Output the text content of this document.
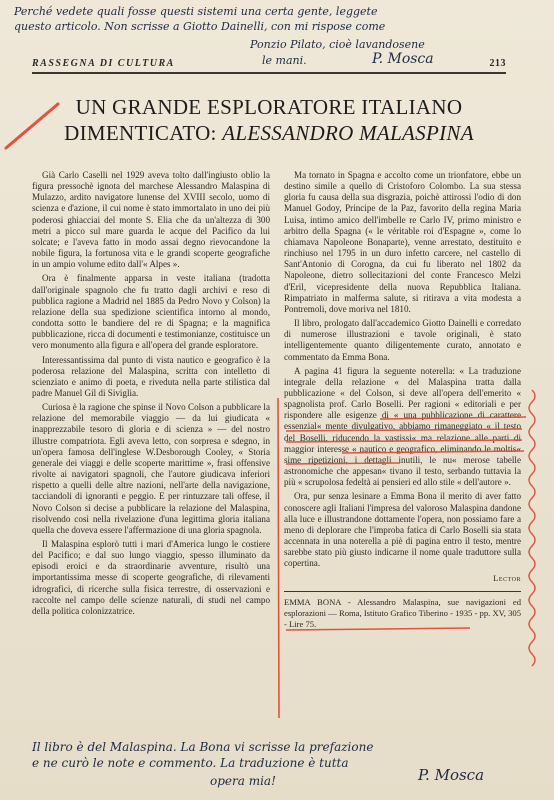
Perché vedete quali fosse questi sistemi una certa gente, leggete
questo articolo. Non scrisse a Giotto Dainelli, con mi rispose come
Ponzio Pilato, cioè lavandosene
le mani.	P. Mosca
RASSEGNA DI CULTURA	213
UN GRANDE ESPLORATORE ITALIANO
DIMENTICATO: ALESSANDRO MALASPINA

Già Carlo Caselli nel 1929 aveva tolto dall'ingiusto oblio la figura pressochè ignota del marchese Alessandro Malaspina di Mulazzo, ardito navigatore lunense del XVIII secolo, uomo di scienza e d'azione, il cui nome è stato immortalato in uno dei più poderosi ghiacciai del monte S. Elia che da un'altezza di 300 metri a picco sul mare guarda le acque del Pacifico da lui solcate; e l'aveva fatto in modo assai degno rievocandone la nobile figura, la fortunosa vita e le grandi scoperte geografiche in un ampio volume edito dall'« Alpes ».

Ora è finalmente apparsa in veste italiana (tradotta dall'originale spagnolo che fu tratto dagli archivi e reso di pubblica ragione a Madrid nel 1885 da Pedro Novo y Colson) la relazione della sua spedizione scientifica intorno al mondo, condotta sotto le bandiere del re di Spagna; e la magnifica pubblicazione, ricca di documenti e testimonianze, costituisce un vero monumento alla figura e all'opera del grande esploratore.

Interessantissima dal punto di vista nautico e geografico è la poderosa relazione del Malaspina, scritta con intelletto di scienziato e animo di poeta, e riveduta nella parte stilistica dal padre Manuel Gil di Siviglia.

Curiosa è la ragione che spinse il Novo Colson a pubblicare la relazione del memorabile viaggio — da lui giudicata « inapprezzabile tesoro di gloria e di scienza » — del nostro illustre compatriota. Egli aveva letto, con sorpresa e sdegno, in un'opera famosa dell'inglese W.Desborough Cooley, « Storia generale dei viaggi e delle scoperte marittime », frasi offensive rivolte ai navigatori spagnoli, che l'autore giudicava inferiori rispetto a quelli delle altre nazioni, nell'arte della navigazione, tacciandoli di ignoranti e peggio. E per rintuzzare tali offese, il Novo Colson si decise a pubblicare la relazione del Malaspina, risolvendo così nella rivelazione d'una legittima gloria italiana quella che doveva essere l'affermazione di una gloria spagnola.

Il Malaspina esplorò tutti i mari d'America lungo le costiere del Pacifico; e dal suo lungo viaggio, spesso illuminato da episodi eroici e da straordinarie avventure, risultò una importantissima messe di scoperte geografiche, di rilevamenti idrografici, di ricerche sulla fisica terrestre, di osservazioni e raccolte nel campo delle scienze naturali, di studi nel campo della politica colonizzatrice.

Ma tornato in Spagna e accolto come un trionfatore, ebbe un destino simile a quello di Cristoforo Colombo. La sua stessa gloria fu causa della sua disgrazia, poichè attirossi l'odio di don Manuel Godoy, Principe de la Paz, favorito della regina Maria Luisa, intimo amico dell'imbelle re Carlo IV, primo ministro e arbitro della Spagna (« le véritable roi d'Espagne », come lo chiamava Napoleone Bonaparte), venne arrestato, destituito e rinchiuso nel 1795 in un duro infetto carcere, nel castello di Sant'Antonio di Corogna, da cui fu liberato nel 1802 da Napoleone, dietro sollecitazioni del conte Francesco Melzi d'Eril, vicepresidente della nuova Repubblica Italiana. Rimpatriato in malferma salute, si ritirava a vita modesta a Pontremoli, dove moriva nel 1810.

Il libro, prologato dall'accademico Giotto Dainelli e corredato di numerose illustrazioni e tavole originali, è stato intelligentemente quanto diligentemente curato, annotato e commentato da Emma Bona.

A pagina 41 figura la seguente noterella: « La traduzione integrale della relazione « del Malaspina tratta dalla pubblicazione « del Colson, si deve all'opera dell'emerito « spagnolista prof. Carlo Boselli. Per ragioni « editoriali e per rispondere alle esigenze di « una pubblicazione di carattere essenzial« mente divulgativo, abbiamo rimaneggiato « il testo del Boselli, riducendo la vastissi« ma relazione alle parti di maggior interesse « nautico e geografico, eliminando le moltis« sime ripetizioni, i dettagli inutili, le nu« merose tabelle astronomiche che appesan« tivano il testo, serbando tuttavia la più « scrupolosa fedeltà ai pensieri ed allo stile « dell'autore ».

Ora, pur senza lesinare a Emma Bona il merito di aver fatto conoscere agli Italiani l'impresa del valoroso Malaspina dandone alla luce e illustrandone dottamente l'opera, non possiamo fare a meno di deplorare che l'improba fatica di Carlo Boselli sia stata accennata in una noterella a piè di pagina entro il testo, mentre sarebbe stato più giusto indicarne il nome quale traduttore sulla copertina.

Lector

EMMA BONA - Alessandro Malaspina, sue navigazioni ed esplorazioni — Roma, Istituto Grafico Tiberino - 1935 - pp. XV, 305 - Lire 75.

Il libro è del Malaspina. La Bona vi scrisse la prefazione
e ne curò le note e commento. La traduzione è tutta
opera mia!	P. Mosca
